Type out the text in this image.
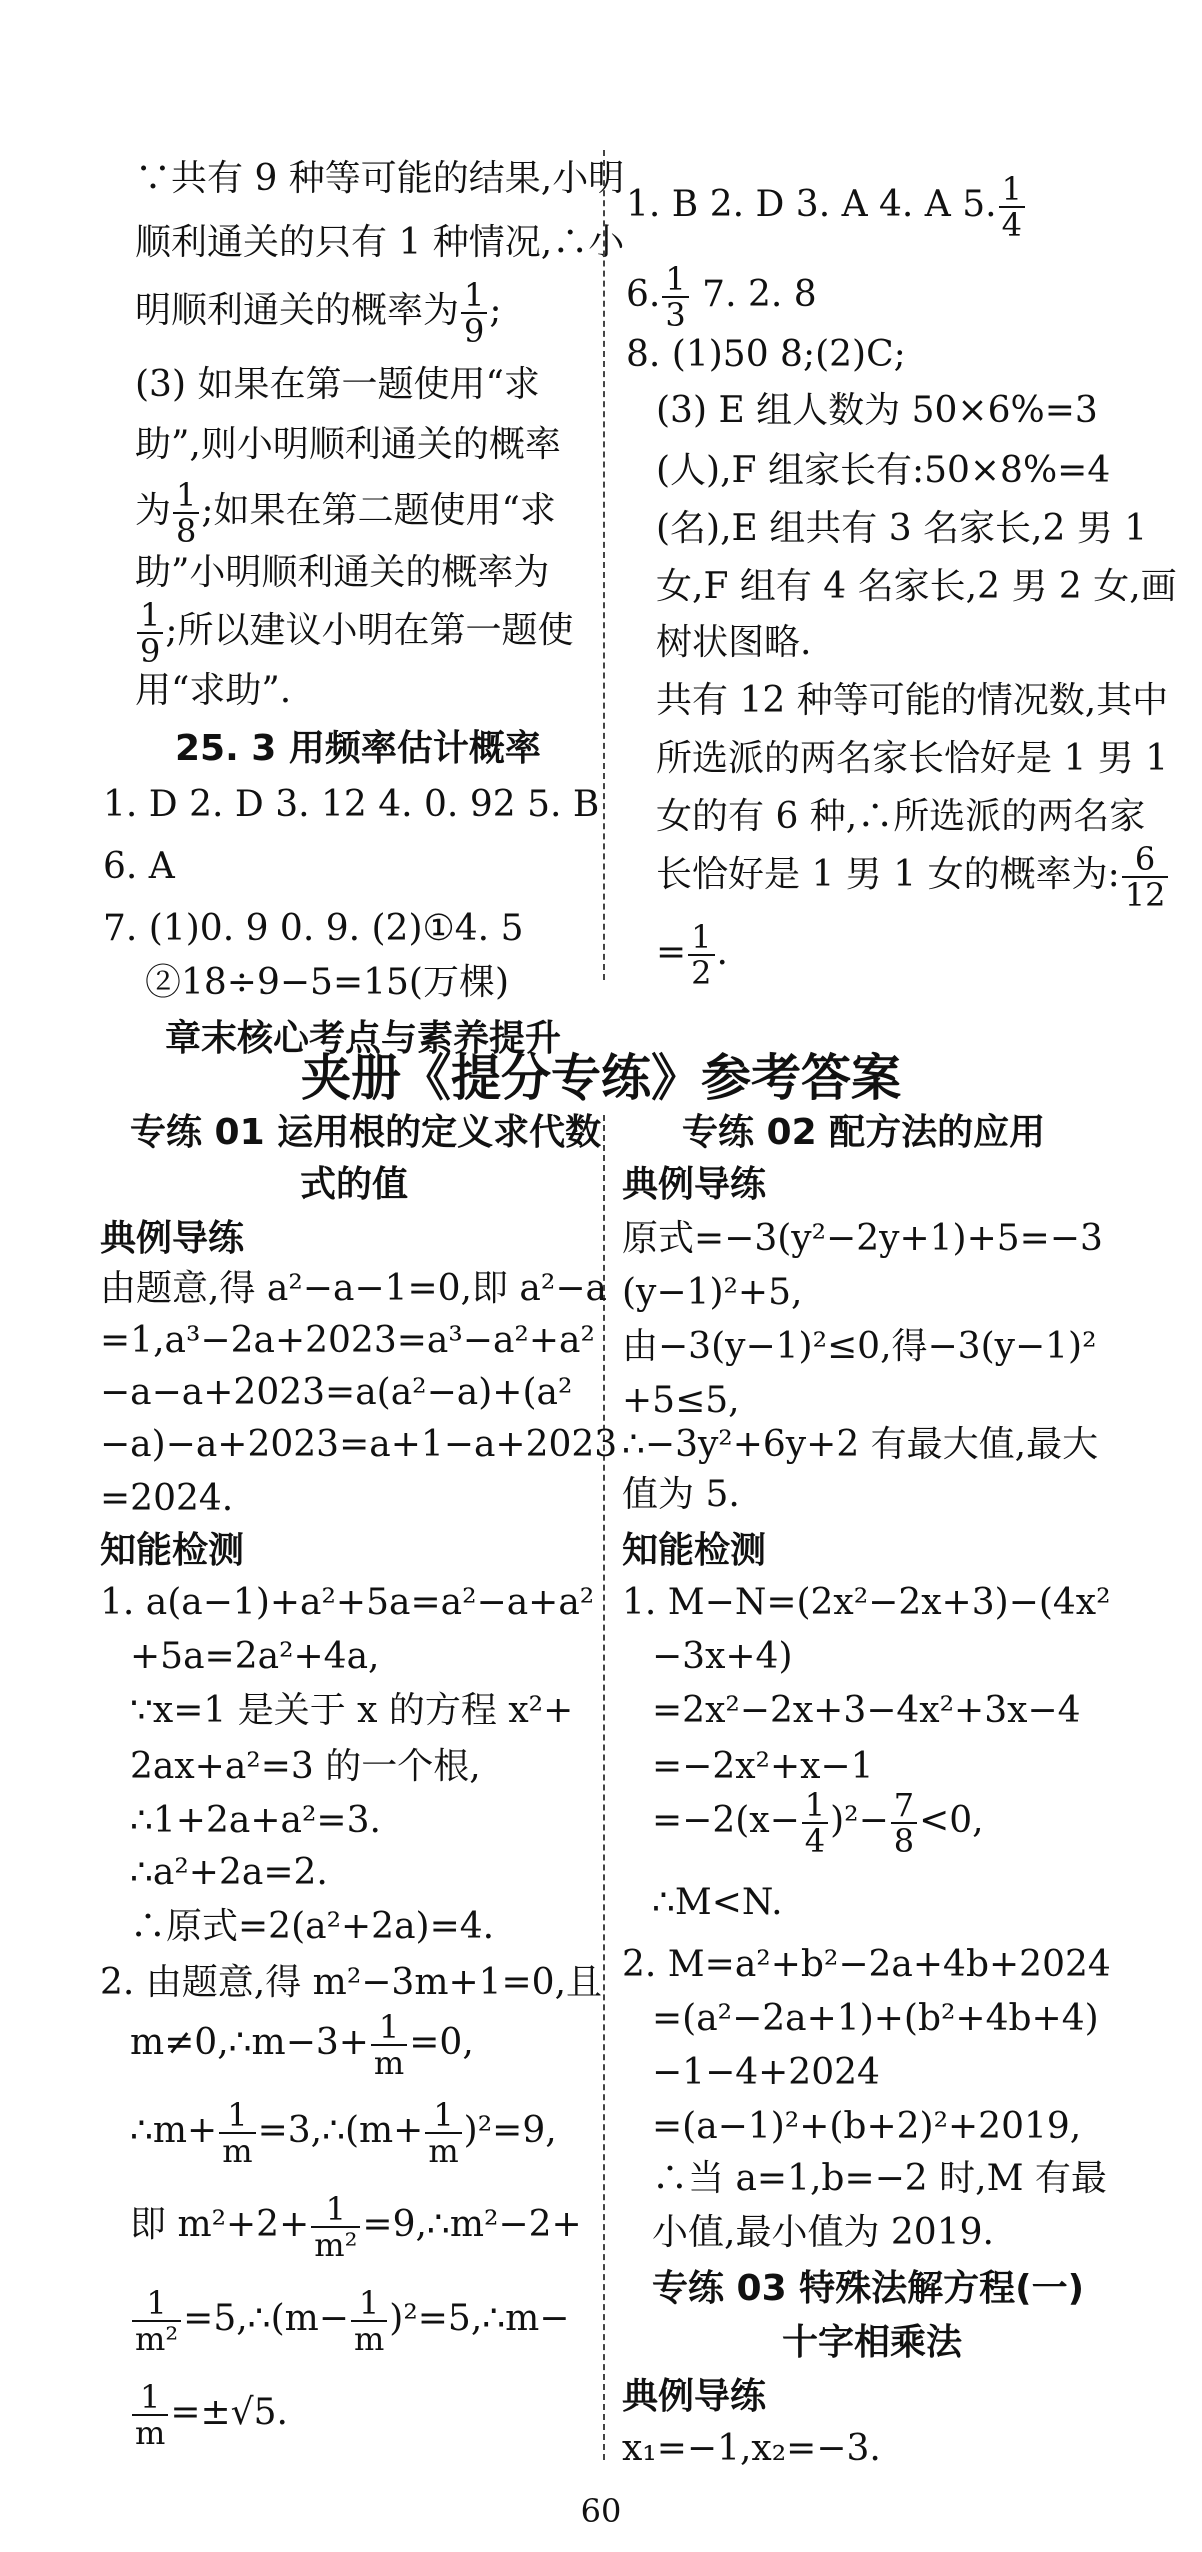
∵共有 9 种等可能的结果,小明
顺利通关的只有 1 种情况,∴小
明顺利通关的概率为 $\frac{1}{9}$ ;
(3) 如果在第一题使用“求
助”,则小明顺利通关的概率
为 $\frac{1}{8}$ ;如果在第二题使用“求
助”小明顺利通关的概率为
$\frac{1}{9}$ ;所以建议小明在第一题使
用“求助”.
25. 3 用频率估计概率
1. D 2. D 3. 12 4. 0. 92 5. B
6. A
7. (1)0. 9 0. 9. (2)①4. 5
②18÷9−5=15(万棵)
章末核心考点与素养提升
1. B 2. D 3. A 4. A 5. $\frac{1}{4}$
6. $\frac{1}{3} 7$. 2. 8
8. (1)50 8;(2)C;
(3) E 组人数为 50×6%=3
(人),F 组家长有:50×8%=4
(名),E 组共有 3 名家长,2 男 1
女,F 组有 4 名家长,2 男 2 女,画
树状图略.
共有 12 种等可能的情况数,其中
所选派的两名家长恰好是 1 男 1
女的有 6 种,∴所选派的两名家
长恰好是 1 男 1 女的概率为: $\frac{6}{12}$
= $\frac{1}{2}$ .
夹册《提分专练》参考答案
专练 01 运用根的定义求代数
式的值
典例导练
由题意,得 a²−a−1=0,即 a²−a
=1,a³−2a+2023=a³−a²+a²
−a−a+2023=a(a²−a)+(a²
−a)−a+2023=a+1−a+2023
=2024.
知能检测
1. a(a−1)+a²+5a=a²−a+a²
+5a=2a²+4a,
∵x=1 是关于 x 的方程 x²+
2ax+a²=3 的一个根,
∴1+2a+a²=3.
∴a²+2a=2.
∴原式=2(a²+2a)=4.
2. 由题意,得 m²−3m+1=0,且
m≠0,∴m−3+ $\frac{1}{m} =0$,
∴m+ $\frac{1}{m}$ =3,∴(m+ $\frac{1}{m} )^2=9$,
即 $m^2+2+ \frac{1}{\text{m²}}$ =9,∴m²−2+
$\frac{1}{\text{m²}}$ =5,∴(m− $\frac{1}{m}$ )²=5,∴m−
$\frac{1}{m} =\pm√5$.
专练 02 配方法的应用
典例导练
原式=−3(y²−2y+1)+5=−3
(y−1)²+5,
由−3(y−1)²≤0,得−3(y−1)²
+5≤5,
∴−3y²+6y+2 有最大值,最大
值为 5.
知能检测
1. M−N=(2x²−2x+3)−(4x²
−3x+4)
=2x²−2x+3−4x²+3x−4
=−2x²+x−1
$=-2(x- \frac{1}{4} )^2- \frac{7}{8} <0$,
∴M<N.
2. M=a²+b²−2a+4b+2024
=(a²−2a+1)+(b²+4b+4)
−1−4+2024
=(a−1)²+(b+2)²+2019,
∴当 a=1,b=−2 时,M 有最
小值,最小值为 2019.
专练 03 特殊法解方程(一)
十字相乘法
典例导练
x₁=−1,x₂=−3.
60
